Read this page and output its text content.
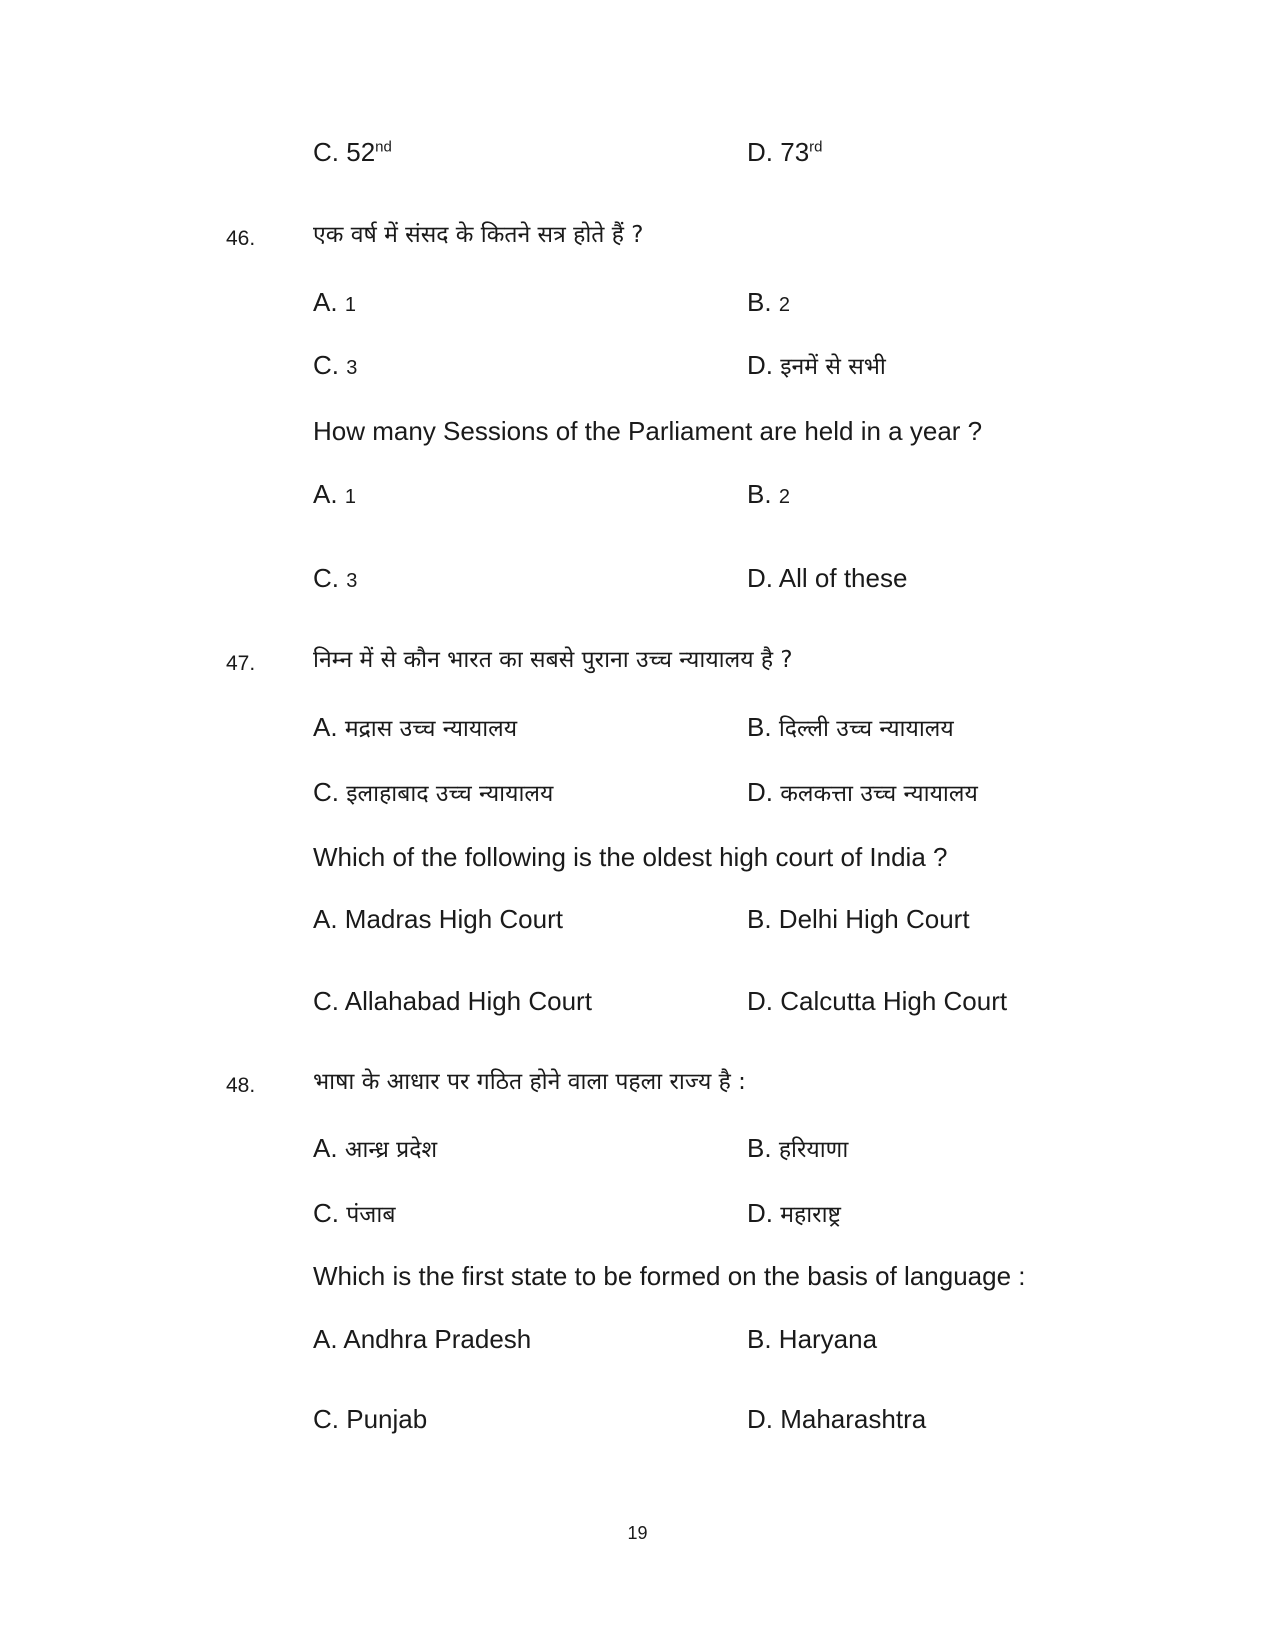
C. 52nd	D. 73rd
46.	एक वर्ष में संसद के कितने सत्र होते हैं ?
A. 1	B. 2
C. 3	D. इनमें से सभी
How many Sessions of the Parliament are held in a year ?
A. 1	B. 2
C. 3	D. All of these
47.	निम्न में से कौन भारत का सबसे पुराना उच्च न्यायालय है ?
A. मद्रास उच्च न्यायालय	B. दिल्ली उच्च न्यायालय
C. इलाहाबाद उच्च न्यायालय	D. कलकत्ता उच्च न्यायालय
Which of the following is the oldest high court of India ?
A. Madras High Court	B. Delhi High Court
C. Allahabad High Court	D. Calcutta High Court
48.	भाषा के आधार पर गठित होने वाला पहला राज्य है :
A. आन्ध्र प्रदेश	B. हरियाणा
C. पंजाब	D. महाराष्ट्र
Which is the first state to be formed on the basis of language :
A. Andhra Pradesh	B. Haryana
C. Punjab	D. Maharashtra
19
